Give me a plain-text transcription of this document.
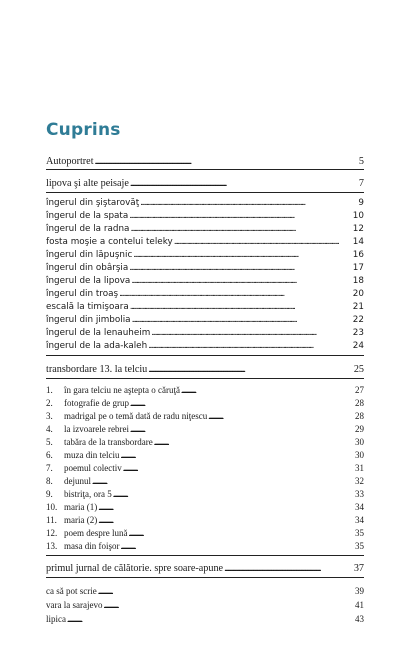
Cuprins
Autoportret . . .	5
lipova şi alte peisaje . . .	7
îngerul din şiştarovăţ . . .	9
îngerul de la spata . . .	10
îngerul de la radna . . .	12
fosta moşie a contelui teleky . . .	14
îngerul din lăpuşnic . . .	16
îngerul din obârşia . . .	17
îngerul de la lipova . . .	18
îngerul din troaş . . .	20
escală la timişoara . . .	21
îngerul din jimbolia . . .	22
îngerul de la lenauheim . . .	23
îngerul de la ada-kaleh . . .	24
transbordare 13. la telciu . . .	25
1.	în gara telciu ne aştepta o căruţă . . .	27
2.	fotografie de grup . . .	28
3.	madrigal pe o temă dată de radu niţescu . . .	28
4.	la izvoarele rebrei . . .	29
5.	tabăra de la transbordare . . .	30
6.	muza din telciu . . .	30
7.	poemul colectiv . . .	31
8.	dejunul . . .	32
9.	bistriţa, ora 5 . . .	33
10. maria (1) . . .	34
11. maria (2) . . .	34
12. poem despre lună . . .	35
13. masa din foişor . . .	35
primul jurnal de călătorie. spre soare-apune . . .	37
ca să pot scrie . . .	39
vara la sarajevo . . .	41
lipica . . .	43
